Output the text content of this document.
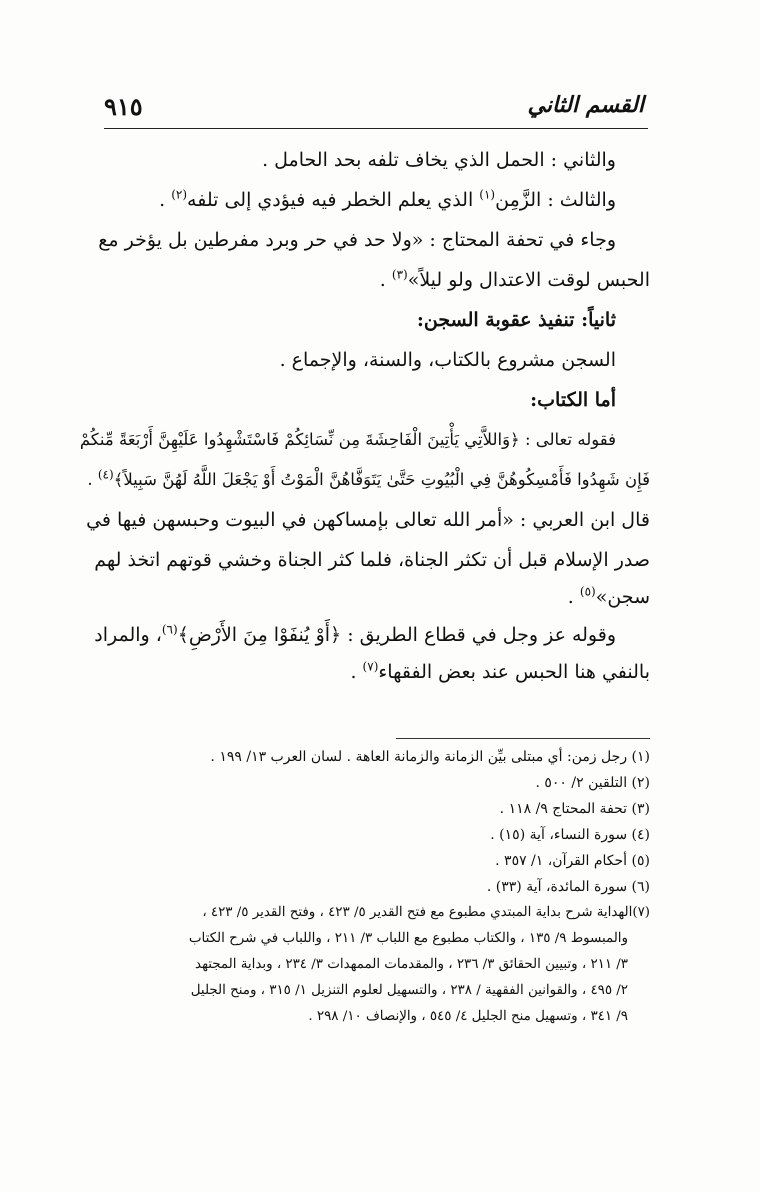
القسم الثاني
٩١٥
والثاني : الحمل الذي يخاف تلفه بحد الحامل .
والثالث : الزَّمِن$^{(١)}$ الذي يعلم الخطر فيه فيؤدي إلى تلفه$^{(٢)}$ .
وجاء في تحفة المحتاج : «ولا حد في حر وبرد مفرطين بل يؤخر مع
الحبس لوقت الاعتدال ولو ليلاً»$^{(٣)}$ .
ثانياً: تنفيذ عقوبة السجن:
السجن مشروع بالكتاب، والسنة، والإجماع .
أما الكتاب:
فقوله تعالى : ﴿وَاللاَّتِي يَأْتِينَ الْفَاحِشَةَ مِن نِّسَائِكُمْ فَاسْتَشْهِدُوا عَلَيْهِنَّ أَرْبَعَةً مِّنكُمْ
فَإِن شَهِدُوا فَأَمْسِكُوهُنَّ فِي الْبُيُوتِ حَتَّىٰ يَتَوَفَّاهُنَّ الْمَوْتُ أَوْ يَجْعَلَ اللَّهُ لَهُنَّ سَبِيلاً﴾$^{(٤)}$ .
قال ابن العربي : «أمر الله تعالى بإمساكهن في البيوت وحبسهن فيها في
صدر الإسلام قبل أن تكثر الجناة، فلما كثر الجناة وخشي قوتهم اتخذ لهم
سجن»$^{(٥)}$ .
وقوله عز وجل في قطاع الطريق : ﴿أَوْ يُنفَوْا مِنَ الأَرْضِ﴾$^{(٦)}$، والمراد
بالنفي هنا الحبس عند بعض الفقهاء$^{(٧)}$ .
(١) رجل زمن: أي مبتلى بيِّن الزمانة والزمانة العاهة . لسان العرب ١٣/ ١٩٩ .
(٢) التلقين ٢/ ٥٠٠ .
(٣) تحفة المحتاج ٩/ ١١٨ .
(٤) سورة النساء، آية (١٥) .
(٥) أحكام القرآن، ١/ ٣٥٧ .
(٦) سورة المائدة، آية (٣٣) .
(٧)الهداية شرح بداية المبتدي مطبوع مع فتح القدير ٥/ ٤٢٣ ، وفتح القدير ٥/ ٤٢٣ ،
والمبسوط ٩/ ١٣٥ ، والكتاب مطبوع مع اللباب ٣/ ٢١١ ، واللباب في شرح الكتاب
٣/ ٢١١ ، وتبيين الحقائق ٣/ ٢٣٦ ، والمقدمات الممهدات ٣/ ٢٣٤ ، وبداية المجتهد
٢/ ٤٩٥ ، والقوانين الفقهية / ٢٣٨ ، والتسهيل لعلوم التنزيل ١/ ٣١٥ ، ومنح الجليل
٩/ ٣٤١ ، وتسهيل منح الجليل ٤/ ٥٤٥ ، والإنصاف ١٠/ ٢٩٨ .
